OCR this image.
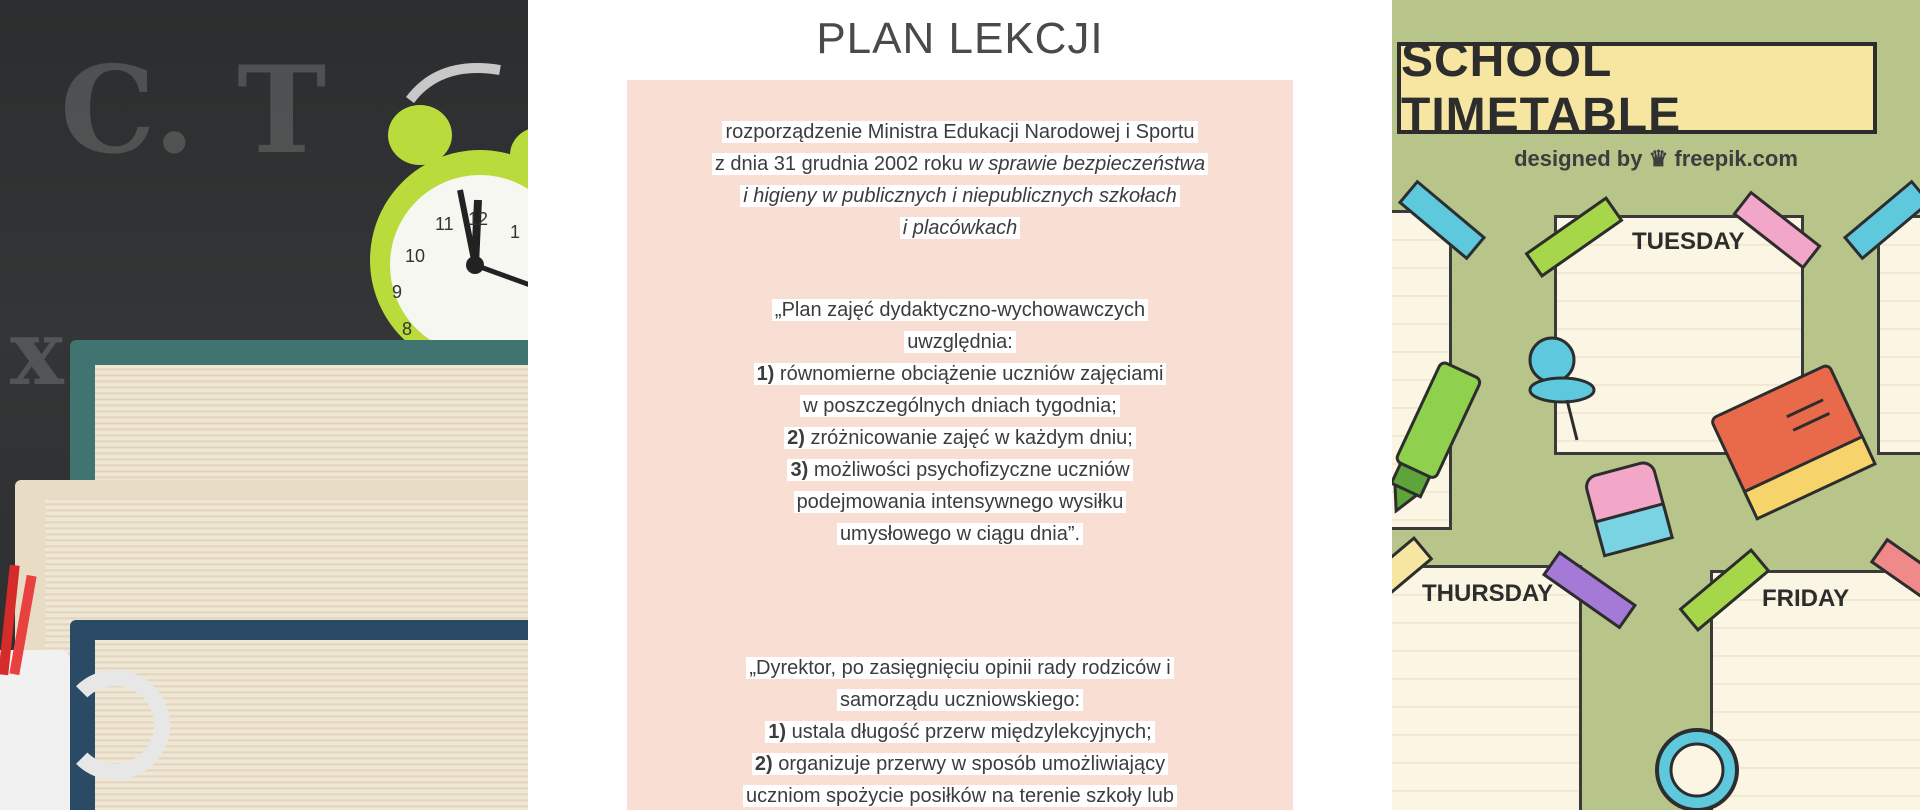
C. T
x
11 12
1
10
9
8
PLAN LEKCJI
rozporządzenie Ministra Edukacji Narodowej i Sportu
z dnia 31 grudnia 2002 roku w sprawie bezpieczeństwa
i higieny w publicznych i niepublicznych szkołach
i placówkach
„Plan zajęć dydaktyczno-wychowawczych
uwzględnia:
1) równomierne obciążenie uczniów zajęciami
w poszczególnych dniach tygodnia;
2) zróżnicowanie zajęć w każdym dniu;
3) możliwości psychofizyczne uczniów
podejmowania intensywnego wysiłku
umysłowego w ciągu dnia”.
„Dyrektor, po zasięgnięciu opinii rady rodziców i
samorządu uczniowskiego:
1) ustala długość przerw międzylekcyjnych;
2) organizuje przerwy w sposób umożliwiający
uczniom spożycie posiłków na terenie szkoły lub
SCHOOL TIMETABLE
designed by ♛ freepik.com
TUESDAY
THURSDAY	FRIDAY
